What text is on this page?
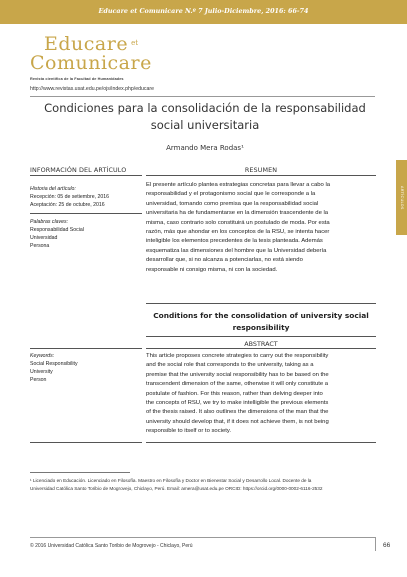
Educare et Comunicare N.º 7 Julio-Diciembre, 2016: 66-74
Educare $^{et}$
Comunicare
Revista científica de la Facultad de Humanidades
http://www.revistas.usat.edu.pe/ojs/index.php/educare
Condiciones para la consolidación de la responsabilidad social universitaria
Armando Mera Rodas¹
INFORMACIÓN DEL ARTÍCULO	RESUMEN
Historia del artículo:
Recepción: 05 de setiembre, 2016
Aceptación: 25 de octubre, 2016
Palabras claves:
Responsabilidad Social
Universidad
Persona
El presente artículo plantea estrategias concretas para llevar a cabo la
responsabilidad y el protagonismo social que le corresponde a la
universidad, tomando como premisa que la responsabilidad social
universitaria ha de fundamentarse en la dimensión trascendente de la
misma, caso contrario solo constituirá un postulado de moda. Por esta
razón, más que ahondar en los conceptos de la RSU, se intenta hacer
inteligible los elementos precedentes de la tesis planteada. Además
esquematiza las dimensiones del hombre que la Universidad debería
desarrollar que, si no alcanza a potenciarlas, no está siendo
responsable ni consigo misma, ni con la sociedad.
Conditions for the consolidation of university social responsibility
ABSTRACT
Keywords:
Social Responsibility
University
Person
This article proposes concrete strategies to carry out the responsibility
and the social role that corresponds to the university, taking as a
premise that the university social responsibility has to be based on the
transcendent dimension of the same, otherwise it will only constitute a
postulate of fashion. For this reason, rather than delving deeper into
the concepts of RSU, we try to make intelligible the previous elements
of the thesis raised. It also outlines the dimensions of the man that the
university should develop that, if it does not achieve them, is not being
responsible to itself or to society.
ARTÍCULOS
¹ Licenciado en Educación. Licenciado en Filosofía. Maestro en Filosofía y Doctor en Bienestar Social y Desarrollo Local. Docente de la
Universidad Católica Santo Toribio de Mogrovejo, Chiclayo, Perú. Email: amera@usat.edu.pe ORCID: https://orcid.org/0000-0002-6116-2532
© 2016 Universidad Católica Santo Toribio de Mogrovejo - Chiclayo, Perú	66
